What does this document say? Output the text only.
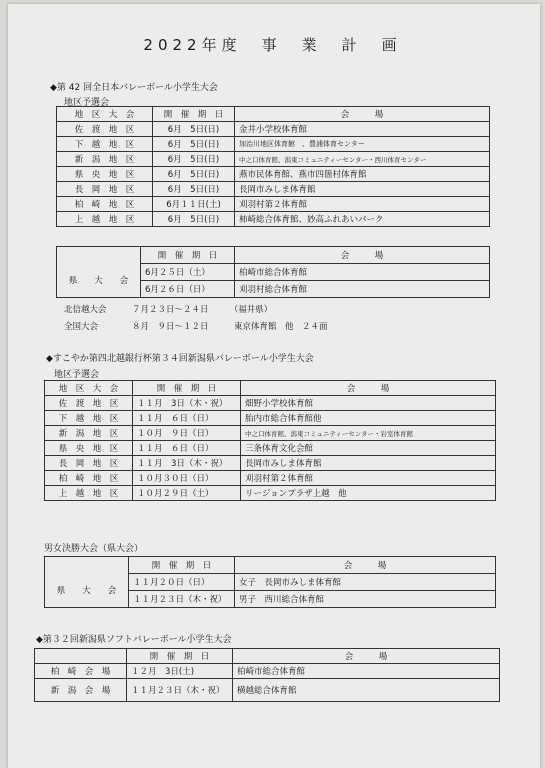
2022年度　事　業　計　画
◆第 42 回全日本バレーボール小学生大会
地区予選会
地　区　大　会	開　催　期　日	会　　　場
佐　渡　地　区	6月　5日(日)	金井小学校体育館
下　越　地　区	6月　5日(日)	加治川地区体育館　、豊浦体育センター
新　潟　地　区	6月　5日(日)	中之口体育館、潟東コミュニティーセンター・西川体育センター
県　央　地　区	6月　5日(日)	燕市民体育館、燕市四箇村体育館
長　岡　地　区	6月　5日(日)	長岡市みしま体育館
柏　崎　地　区	6月１１日(土)	刈羽村第２体育館
上　越　地　区	6月　5日(日)	柿崎総合体育館、妙高ふれあいパーク
	開　催　期　日	会　　　場
県　　大　　会	6月２５日（土）	柏崎市総合体育館
	6月２６日（日）	刈羽村総合体育館
北信越大会　　　７月２３日～２４日　　　（福井県）
全国大会　　　　８月　９日～１２日　　　東京体育館　他　２４面
◆すこやか第四北越銀行杯第３４回新潟県バレーボール小学生大会
地区予選会
地　区　大　会	開　催　期　日	会　　　場
佐　渡　地　区	１１月　3日（木・祝）	畑野小学校体育館
下　越　地　区	１１月　６日（日）	胎内市総合体育館他
新　潟　地　区	１０月　９日（日）	中之口体育館、潟東コミュニティーセンター・岩室体育館
県　央　地　区	１１月　６日（日）	三条体育文化会館
長　岡　地　区	１１月　3日（木・祝）	長岡市みしま体育館
柏　崎　地　区	１０月３０日（日）	刈羽村第２体育館
上　越　地　区	１０月２９日（土）	リージョンプラザ上越　他
男女決勝大会（県大会）
	開　催　期　日	会　　　場
県　　大　　会	１１月２０日（日）	女子　長岡市みしま体育館
	１１月２３日（木・祝）	男子　西川総合体育館
◆第３２回新潟県ソフトバレーボール小学生大会
	開　催　期　日	会　　　場
柏　崎　会　場	１２月　3日(土)	柏崎市総合体育館
新　潟　会　場	１１月２３日（木・祝）	横越総合体育館
